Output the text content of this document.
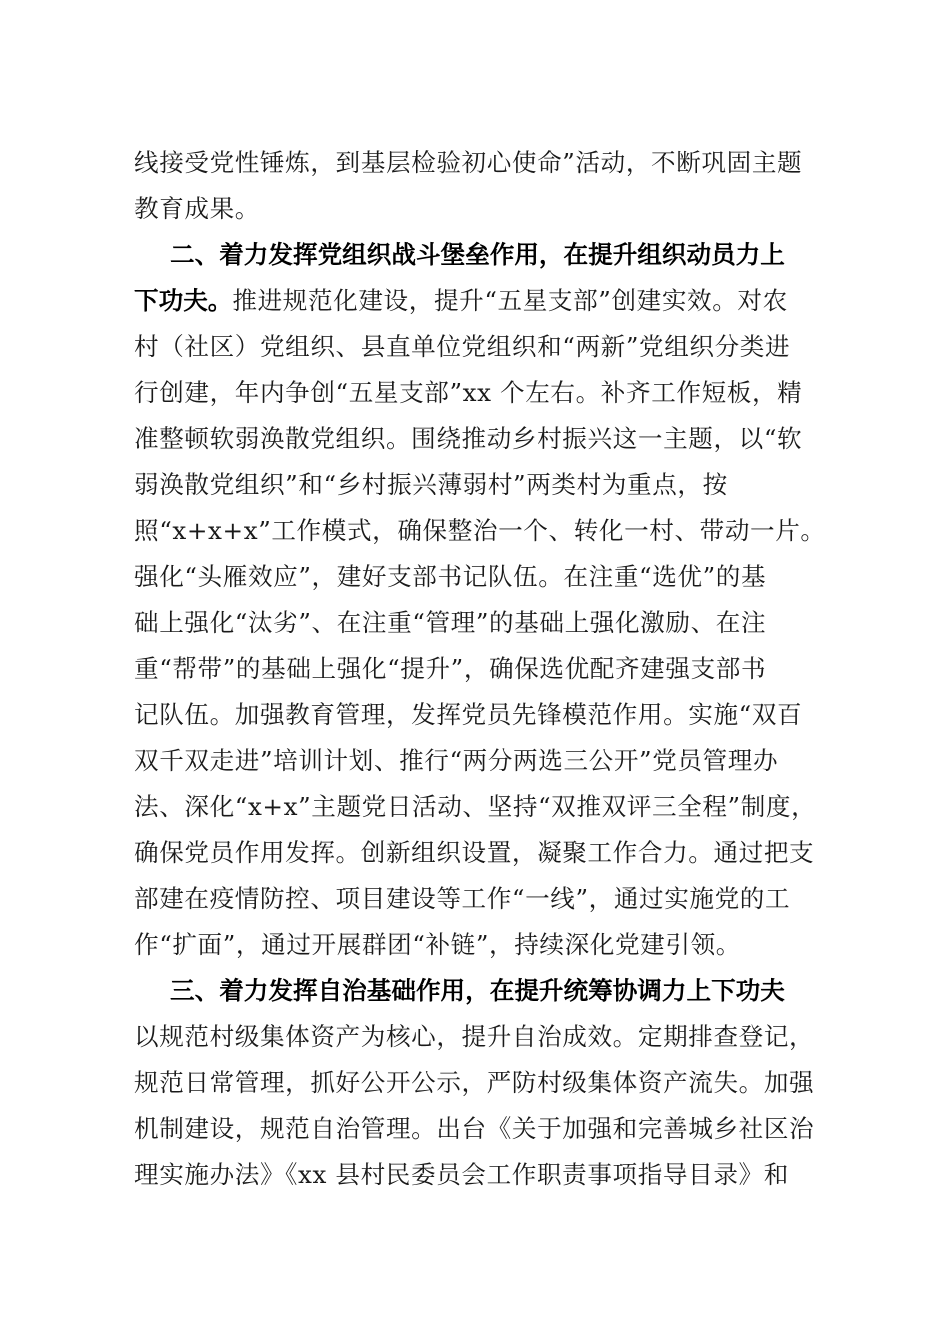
线接受党性锤炼，到基层检验初心使命”活动，不断巩固主题
教育成果。
二、着力发挥党组织战斗堡垒作用，在提升组织动员力上
下功夫。推进规范化建设，提升“五星支部”创建实效。对农
村（社区）党组织、县直单位党组织和“两新”党组织分类进
行创建，年内争创“五星支部”xx 个左右。补齐工作短板，精
准整顿软弱涣散党组织。围绕推动乡村振兴这一主题，以“软
弱涣散党组织”和“乡村振兴薄弱村”两类村为重点，按
照“x+x+x”工作模式，确保整治一个、转化一村、带动一片。
强化“头雁效应”，建好支部书记队伍。在注重“选优”的基
础上强化“汰劣”、在注重“管理”的基础上强化激励、在注
重“帮带”的基础上强化“提升”，确保选优配齐建强支部书
记队伍。加强教育管理，发挥党员先锋模范作用。实施“双百
双千双走进”培训计划、推行“两分两选三公开”党员管理办
法、深化“x+x”主题党日活动、坚持“双推双评三全程”制度，
确保党员作用发挥。创新组织设置，凝聚工作合力。通过把支
部建在疫情防控、项目建设等工作“一线”，通过实施党的工
作“扩面”，通过开展群团“补链”，持续深化党建引领。
三、着力发挥自治基础作用，在提升统筹协调力上下功夫
以规范村级集体资产为核心，提升自治成效。定期排查登记，
规范日常管理，抓好公开公示，严防村级集体资产流失。加强
机制建设，规范自治管理。出台《关于加强和完善城乡社区治
理实施办法》《xx 县村民委员会工作职责事项指导目录》和
